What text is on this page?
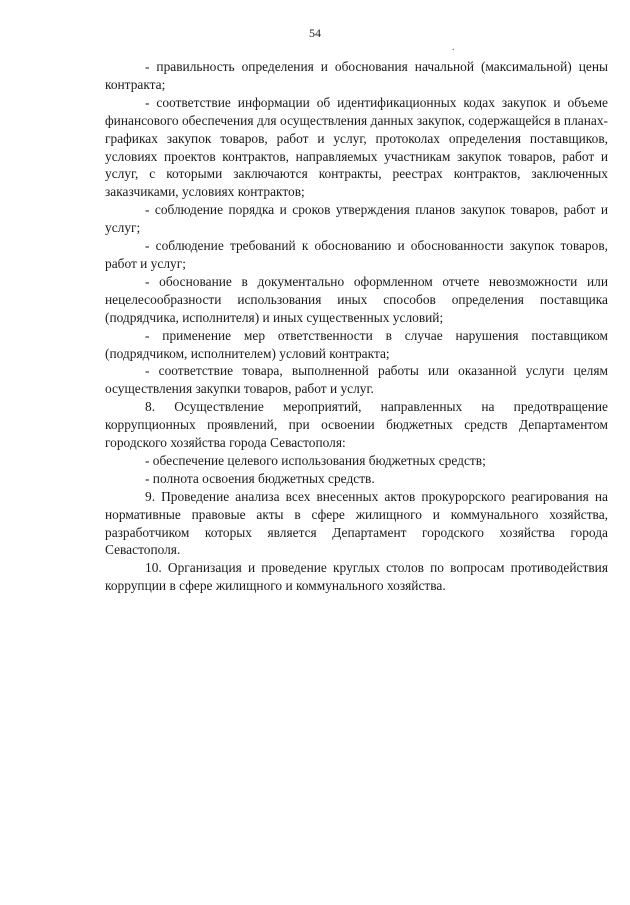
54
.

- правильность определения и обоснования начальной (максимальной) цены контракта;

- соответствие информации об идентификационных кодах закупок и объеме финансового обеспечения для осуществления данных закупок, содержащейся в планах-графиках закупок товаров, работ и услуг, протоколах определения поставщиков, условиях проектов контрактов, направляемых участникам закупок товаров, работ и услуг, с которыми заключаются контракты, реестрах контрактов, заключенных заказчиками, условиях контрактов;

- соблюдение порядка и сроков утверждения планов закупок товаров, работ и услуг;

- соблюдение требований к обоснованию и обоснованности закупок товаров, работ и услуг;

- обоснование в документально оформленном отчете невозможности или нецелесообразности использования иных способов определения поставщика (подрядчика, исполнителя) и иных существенных условий;

- применение мер ответственности в случае нарушения поставщиком (подрядчиком, исполнителем) условий контракта;

- соответствие товара, выполненной работы или оказанной услуги целям осуществления закупки товаров, работ и услуг.

8. Осуществление мероприятий, направленных на предотвращение коррупционных проявлений, при освоении бюджетных средств Департаментом городского хозяйства города Севастополя:

- обеспечение целевого использования бюджетных средств;

- полнота освоения бюджетных средств.

9. Проведение анализа всех внесенных актов прокурорского реагирования на нормативные правовые акты в сфере жилищного и коммунального хозяйства, разработчиком которых является Департамент городского хозяйства города Севастополя.

10. Организация и проведение круглых столов по вопросам противодействия коррупции в сфере жилищного и коммунального хозяйства.
